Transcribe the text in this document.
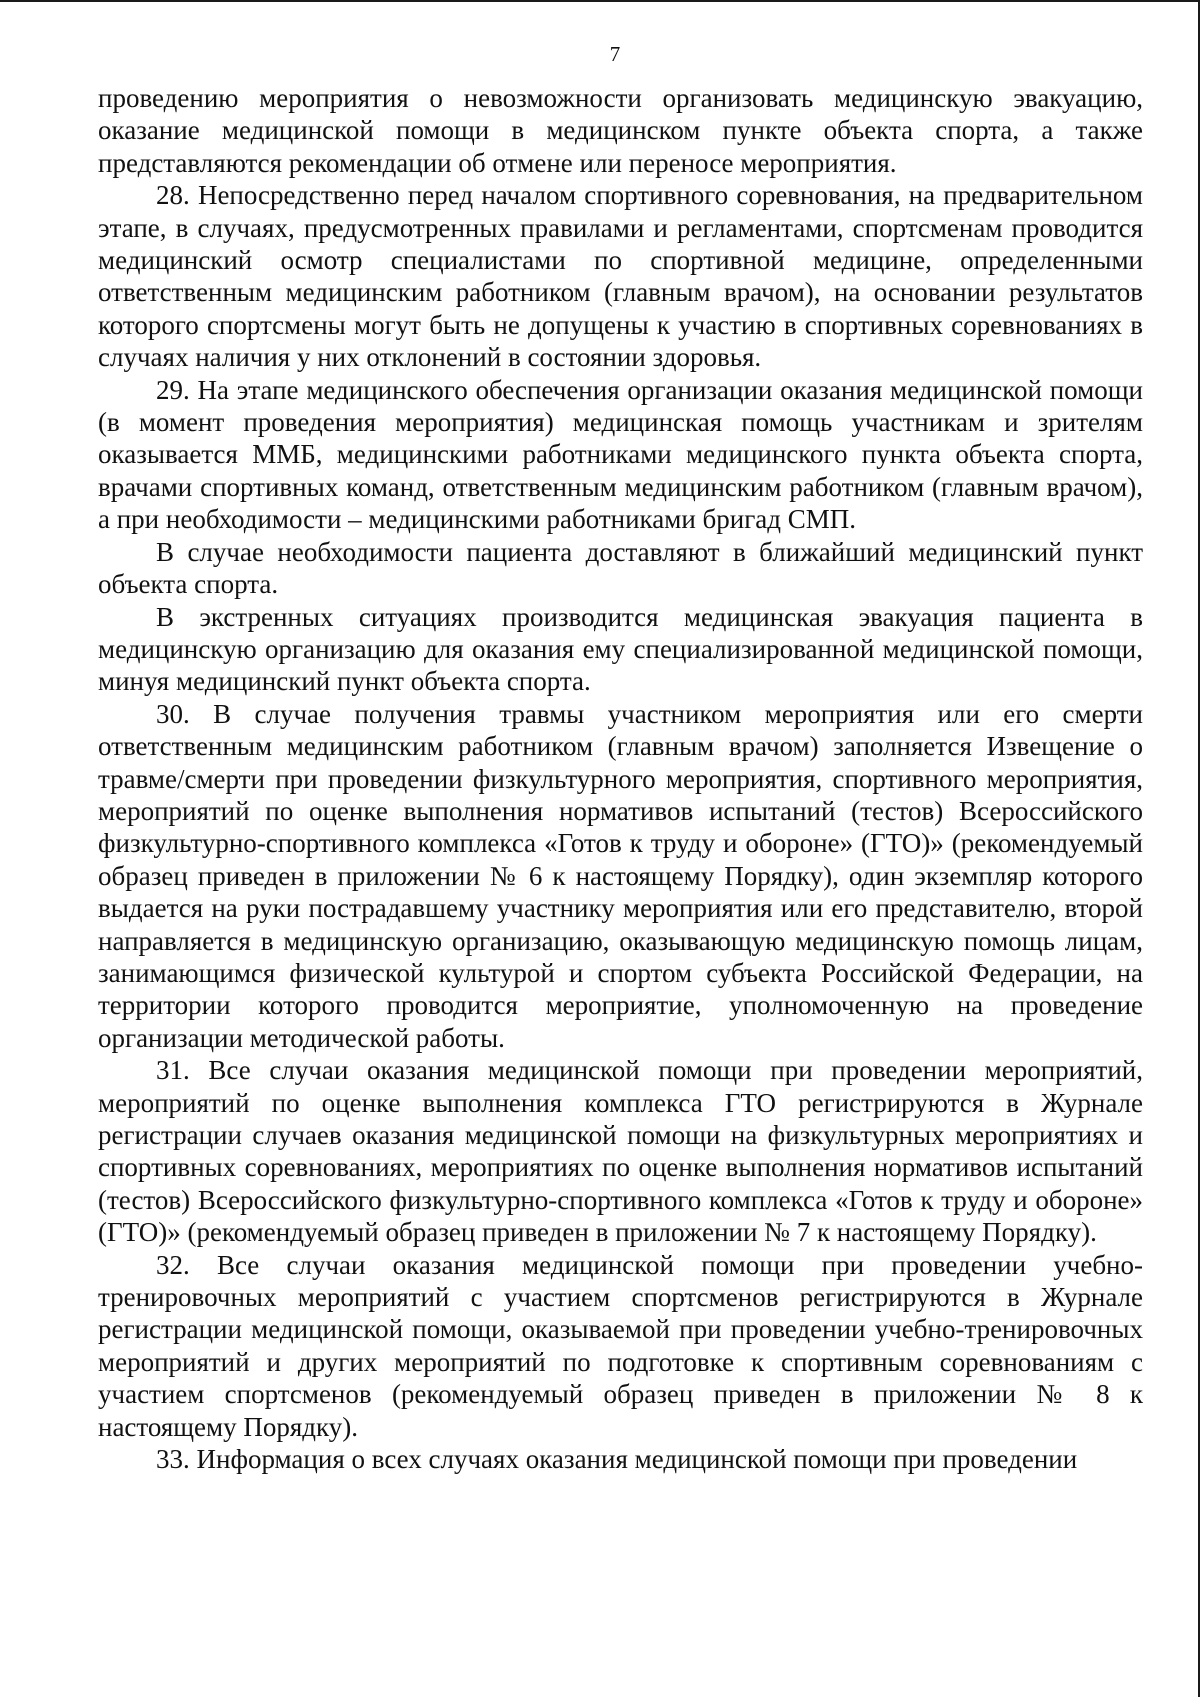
7

проведению мероприятия о невозможности организовать медицинскую эвакуацию, оказание медицинской помощи в медицинском пункте объекта спорта, а также представляются рекомендации об отмене или переносе мероприятия.

28. Непосредственно перед началом спортивного соревнования, на предварительном этапе, в случаях, предусмотренных правилами и регламентами, спортсменам проводится медицинский осмотр специалистами по спортивной медицине, определенными ответственным медицинским работником (главным врачом), на основании результатов которого спортсмены могут быть не допущены к участию в спортивных соревнованиях в случаях наличия у них отклонений в состоянии здоровья.

29. На этапе медицинского обеспечения организации оказания медицинской помощи (в момент проведения мероприятия) медицинская помощь участникам и зрителям оказывается ММБ, медицинскими работниками медицинского пункта объекта спорта, врачами спортивных команд, ответственным медицинским работником (главным врачом), а при необходимости – медицинскими работниками бригад СМП.

В случае необходимости пациента доставляют в ближайший медицинский пункт объекта спорта.

В экстренных ситуациях производится медицинская эвакуация пациента в медицинскую организацию для оказания ему специализированной медицинской помощи, минуя медицинский пункт объекта спорта.

30. В случае получения травмы участником мероприятия или его смерти ответственным медицинским работником (главным врачом) заполняется Извещение о травме/смерти при проведении физкультурного мероприятия, спортивного мероприятия, мероприятий по оценке выполнения нормативов испытаний (тестов) Всероссийского физкультурно-спортивного комплекса «Готов к труду и обороне» (ГТО)» (рекомендуемый образец приведен в приложении № 6 к настоящему Порядку), один экземпляр которого выдается на руки пострадавшему участнику мероприятия или его представителю, второй направляется в медицинскую организацию, оказывающую медицинскую помощь лицам, занимающимся физической культурой и спортом субъекта Российской Федерации, на территории которого проводится мероприятие, уполномоченную на проведение организации методической работы.

31. Все случаи оказания медицинской помощи при проведении мероприятий, мероприятий по оценке выполнения комплекса ГТО регистрируются в Журнале регистрации случаев оказания медицинской помощи на физкультурных мероприятиях и спортивных соревнованиях, мероприятиях по оценке выполнения нормативов испытаний (тестов) Всероссийского физкультурно-спортивного комплекса «Готов к труду и обороне» (ГТО)» (рекомендуемый образец приведен в приложении № 7 к настоящему Порядку).

32. Все случаи оказания медицинской помощи при проведении учебно-тренировочных мероприятий с участием спортсменов регистрируются в Журнале регистрации медицинской помощи, оказываемой при проведении учебно-тренировочных мероприятий и других мероприятий по подготовке к спортивным соревнованиям с участием спортсменов (рекомендуемый образец приведен в приложении № 8 к настоящему Порядку).

33. Информация о всех случаях оказания медицинской помощи при проведении
